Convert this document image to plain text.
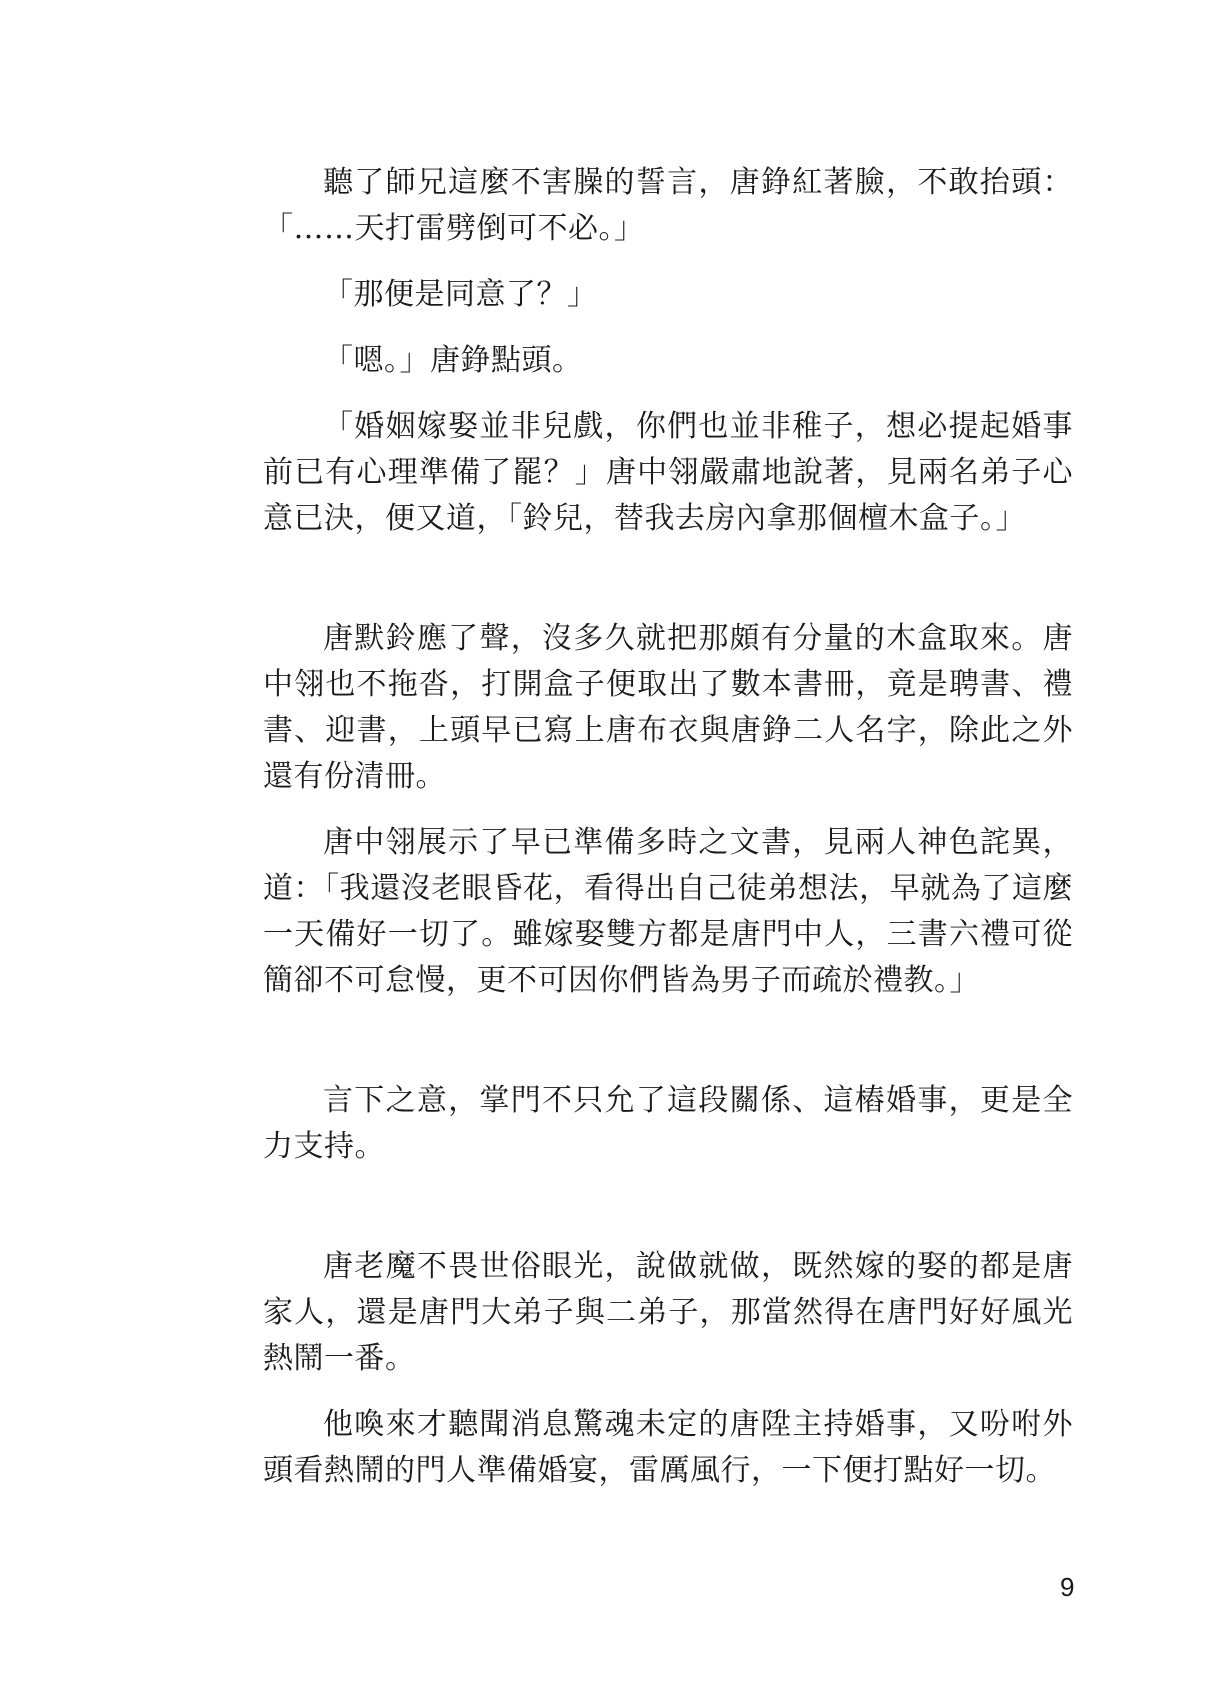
聽了師兄這麼不害臊的誓言，唐錚紅著臉，不敢抬頭：「……天打雷劈倒可不必。」

「那便是同意了？」

「嗯。」唐錚點頭。

「婚姻嫁娶並非兒戲，你們也並非稚子，想必提起婚事前已有心理準備了罷？」唐中翎嚴肅地說著，見兩名弟子心意已決，便又道，「鈴兒，替我去房內拿那個檀木盒子。」

唐默鈴應了聲，沒多久就把那頗有分量的木盒取來。唐中翎也不拖沓，打開盒子便取出了數本書冊，竟是聘書、禮書、迎書，上頭早已寫上唐布衣與唐錚二人名字，除此之外還有份清冊。

唐中翎展示了早已準備多時之文書，見兩人神色詫異，道：「我還沒老眼昏花，看得出自己徒弟想法，早就為了這麼一天備好一切了。雖嫁娶雙方都是唐門中人，三書六禮可從簡卻不可怠慢，更不可因你們皆為男子而疏於禮教。」

言下之意，掌門不只允了這段關係、這樁婚事，更是全力支持。

唐老魔不畏世俗眼光，說做就做，既然嫁的娶的都是唐家人，還是唐門大弟子與二弟子，那當然得在唐門好好風光熱鬧一番。

他喚來才聽聞消息驚魂未定的唐陞主持婚事，又吩咐外頭看熱鬧的門人準備婚宴，雷厲風行，一下便打點好一切。

9
